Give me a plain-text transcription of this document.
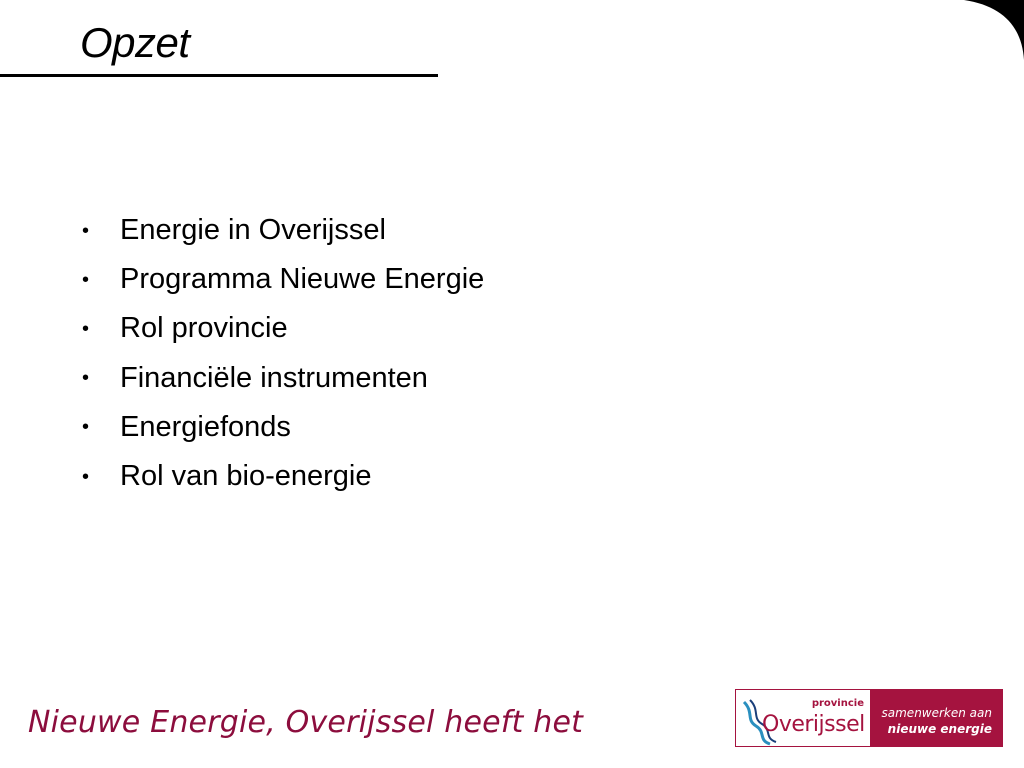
Opzet
•	Energie in Overijssel
•	Programma Nieuwe Energie
•	Rol provincie
•	Financiële instrumenten
•	Energiefonds
•	Rol van bio-energie
Nieuwe Energie, Overijssel heeft het
provincie
Overijssel samenwerken aan
nieuwe energie
